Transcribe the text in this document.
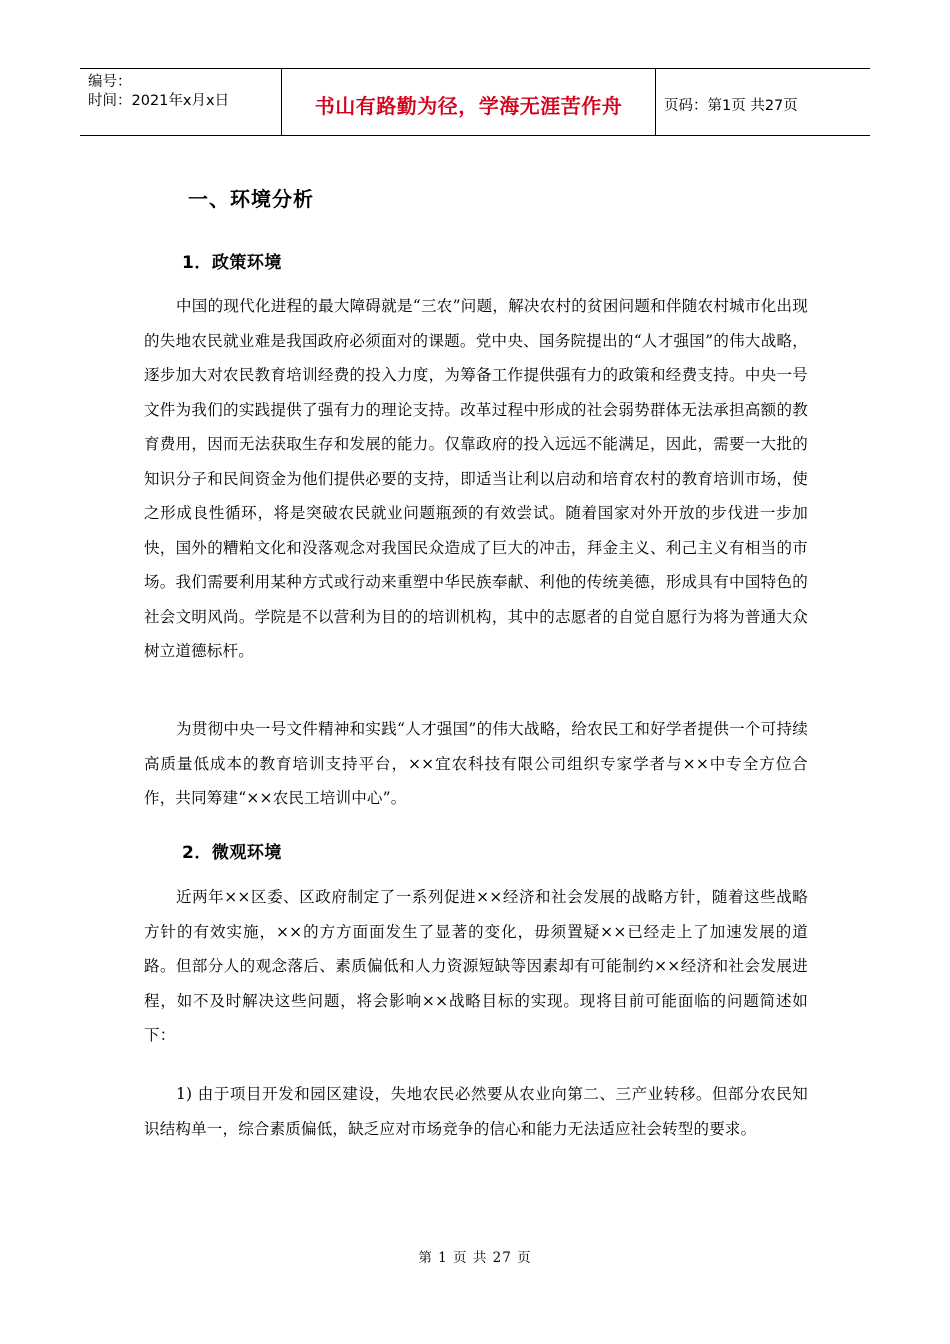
编号：
时间：2021年x月x日	书山有路勤为径，学海无涯苦作舟	页码：第1页 共27页
一、环境分析
1．政策环境
中国的现代化进程的最大障碍就是“三农”问题，解决农村的贫困问题和伴随农村城市化出现的失地农民就业难是我国政府必须面对的课题。党中央、国务院提出的“人才强国”的伟大战略，逐步加大对农民教育培训经费的投入力度，为筹备工作提供强有力的政策和经费支持。中央一号文件为我们的实践提供了强有力的理论支持。改革过程中形成的社会弱势群体无法承担高额的教育费用，因而无法获取生存和发展的能力。仅靠政府的投入远远不能满足，因此，需要一大批的知识分子和民间资金为他们提供必要的支持，即适当让利以启动和培育农村的教育培训市场，使之形成良性循环，将是突破农民就业问题瓶颈的有效尝试。随着国家对外开放的步伐进一步加快，国外的糟粕文化和没落观念对我国民众造成了巨大的冲击，拜金主义、利己主义有相当的市场。我们需要利用某种方式或行动来重塑中华民族奉献、利他的传统美德，形成具有中国特色的社会文明风尚。学院是不以营利为目的的培训机构，其中的志愿者的自觉自愿行为将为普通大众树立道德标杆。
为贯彻中央一号文件精神和实践“人才强国”的伟大战略，给农民工和好学者提供一个可持续高质量低成本的教育培训支持平台，××宜农科技有限公司组织专家学者与××中专全方位合作，共同筹建“××农民工培训中心”。
2．微观环境
近两年××区委、区政府制定了一系列促进××经济和社会发展的战略方针，随着这些战略方针的有效实施，××的方方面面发生了显著的变化，毋须置疑××已经走上了加速发展的道路。但部分人的观念落后、素质偏低和人力资源短缺等因素却有可能制约××经济和社会发展进程，如不及时解决这些问题，将会影响××战略目标的实现。现将目前可能面临的问题简述如下：
1) 由于项目开发和园区建设，失地农民必然要从农业向第二、三产业转移。但部分农民知识结构单一，综合素质偏低，缺乏应对市场竞争的信心和能力无法适应社会转型的要求。
第 1 页 共 27 页
